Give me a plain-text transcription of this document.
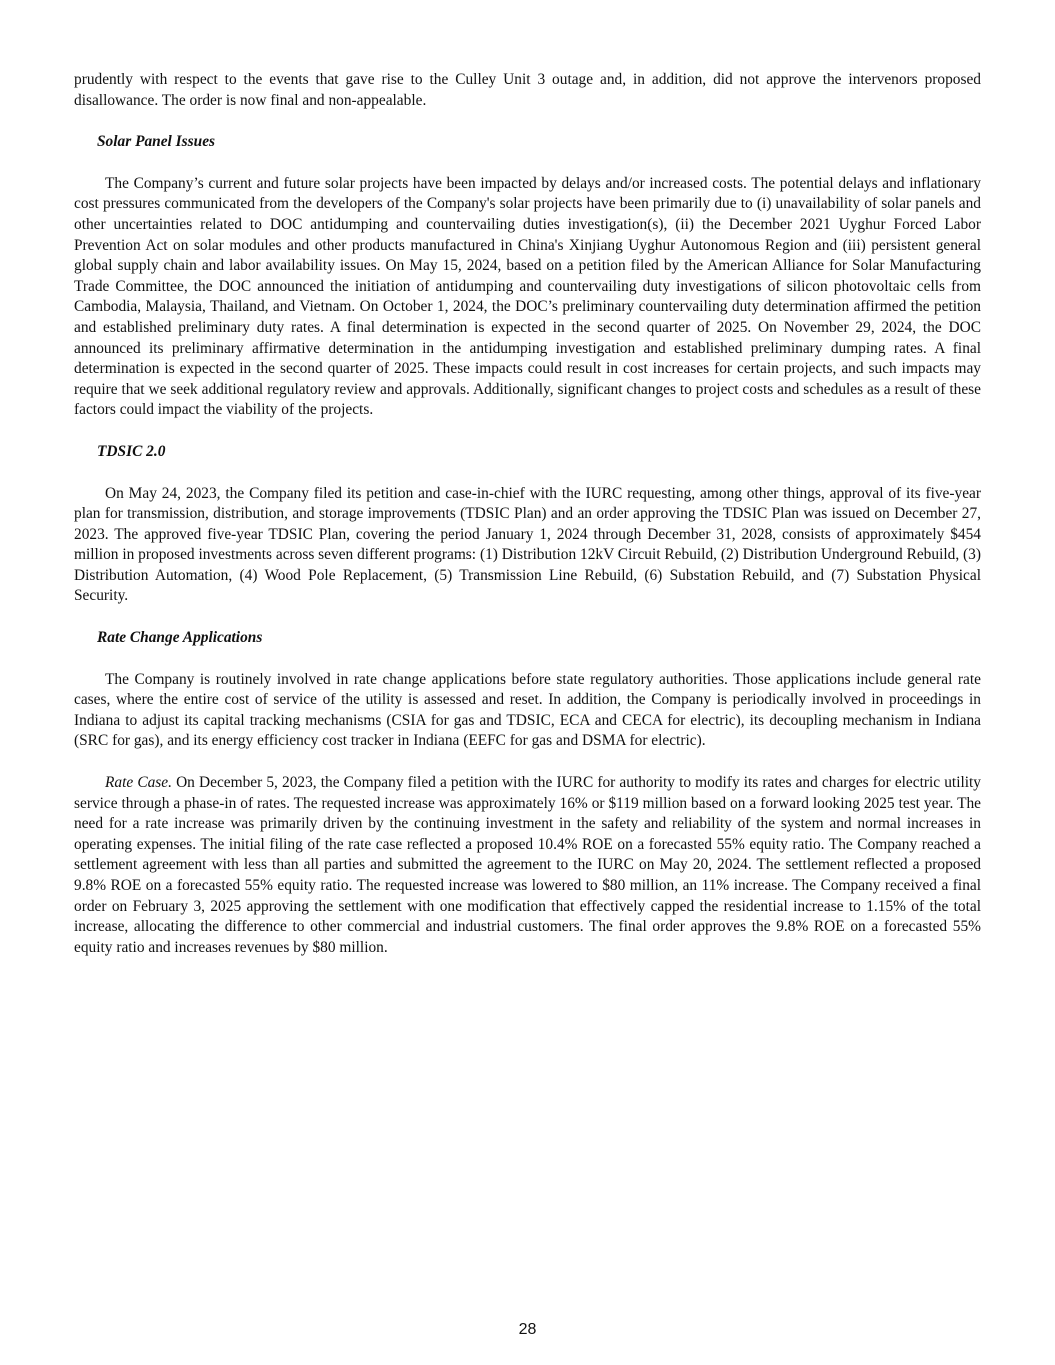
prudently with respect to the events that gave rise to the Culley Unit 3 outage and, in addition, did not approve the intervenors proposed disallowance. The order is now final and non-appealable.

Solar Panel Issues

The Company’s current and future solar projects have been impacted by delays and/or increased costs. The potential delays and inflationary cost pressures communicated from the developers of the Company's solar projects have been primarily due to (i) unavailability of solar panels and other uncertainties related to DOC antidumping and countervailing duties investigation(s), (ii) the December 2021 Uyghur Forced Labor Prevention Act on solar modules and other products manufactured in China's Xinjiang Uyghur Autonomous Region and (iii) persistent general global supply chain and labor availability issues. On May 15, 2024, based on a petition filed by the American Alliance for Solar Manufacturing Trade Committee, the DOC announced the initiation of antidumping and countervailing duty investigations of silicon photovoltaic cells from Cambodia, Malaysia, Thailand, and Vietnam. On October 1, 2024, the DOC’s preliminary countervailing duty determination affirmed the petition and established preliminary duty rates. A final determination is expected in the second quarter of 2025. On November 29, 2024, the DOC announced its preliminary affirmative determination in the antidumping investigation and established preliminary dumping rates. A final determination is expected in the second quarter of 2025. These impacts could result in cost increases for certain projects, and such impacts may require that we seek additional regulatory review and approvals. Additionally, significant changes to project costs and schedules as a result of these factors could impact the viability of the projects.

TDSIC 2.0

On May 24, 2023, the Company filed its petition and case-in-chief with the IURC requesting, among other things, approval of its five-year plan for transmission, distribution, and storage improvements (TDSIC Plan) and an order approving the TDSIC Plan was issued on December 27, 2023. The approved five-year TDSIC Plan, covering the period January 1, 2024 through December 31, 2028, consists of approximately $454 million in proposed investments across seven different programs: (1) Distribution 12kV Circuit Rebuild, (2) Distribution Underground Rebuild, (3) Distribution Automation, (4) Wood Pole Replacement, (5) Transmission Line Rebuild, (6) Substation Rebuild, and (7) Substation Physical Security.

Rate Change Applications

The Company is routinely involved in rate change applications before state regulatory authorities. Those applications include general rate cases, where the entire cost of service of the utility is assessed and reset. In addition, the Company is periodically involved in proceedings in Indiana to adjust its capital tracking mechanisms (CSIA for gas and TDSIC, ECA and CECA for electric), its decoupling mechanism in Indiana (SRC for gas), and its energy efficiency cost tracker in Indiana (EEFC for gas and DSMA for electric).

Rate Case. On December 5, 2023, the Company filed a petition with the IURC for authority to modify its rates and charges for electric utility service through a phase-in of rates. The requested increase was approximately 16% or $119 million based on a forward looking 2025 test year. The need for a rate increase was primarily driven by the continuing investment in the safety and reliability of the system and normal increases in operating expenses. The initial filing of the rate case reflected a proposed 10.4% ROE on a forecasted 55% equity ratio. The Company reached a settlement agreement with less than all parties and submitted the agreement to the IURC on May 20, 2024. The settlement reflected a proposed 9.8% ROE on a forecasted 55% equity ratio. The requested increase was lowered to $80 million, an 11% increase. The Company received a final order on February 3, 2025 approving the settlement with one modification that effectively capped the residential increase to 1.15% of the total increase, allocating the difference to other commercial and industrial customers. The final order approves the 9.8% ROE on a forecasted 55% equity ratio and increases revenues by $80 million.

28
